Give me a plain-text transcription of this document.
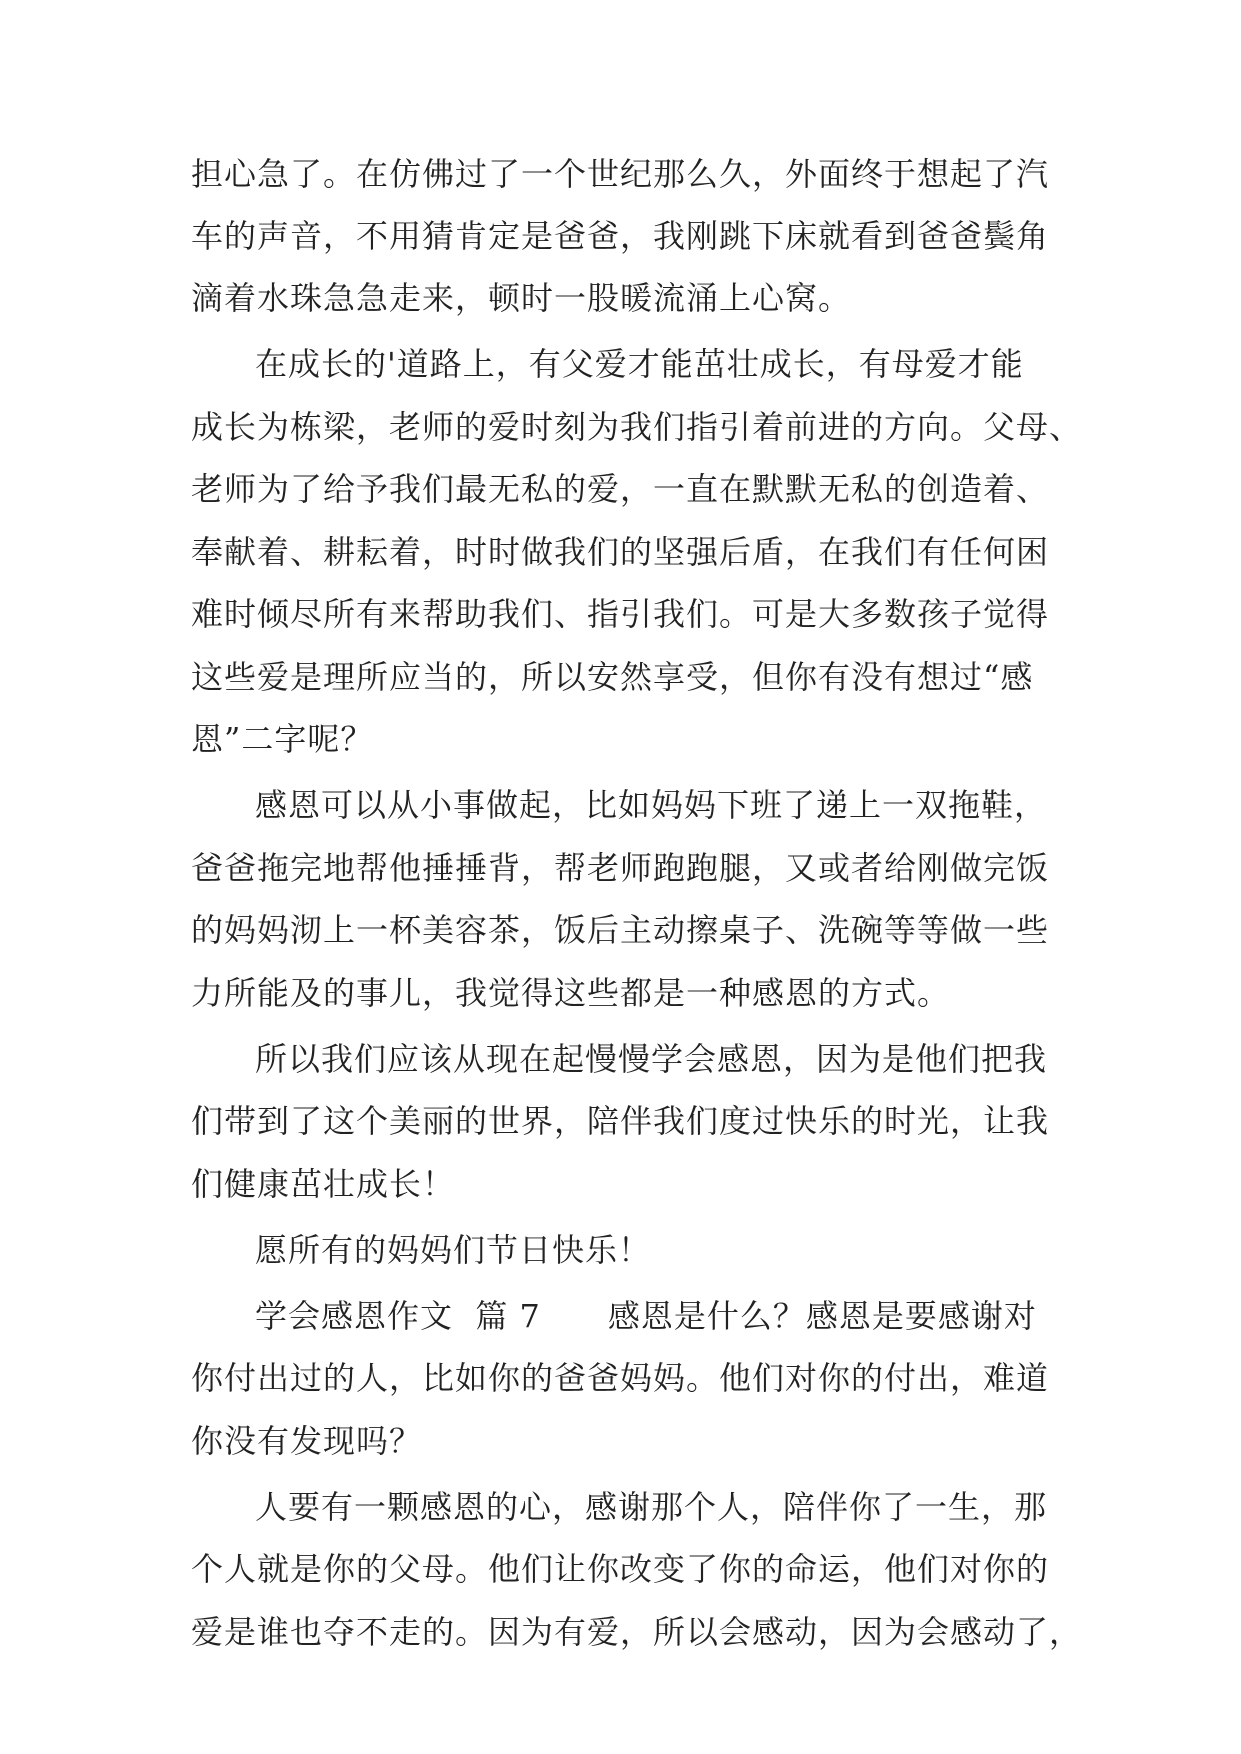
担心急了。在仿佛过了一个世纪那么久，外面终于想起了汽
车的声音，不用猜肯定是爸爸，我刚跳下床就看到爸爸鬓角
滴着水珠急急走来，顿时一股暖流涌上心窝。
在成长的'道路上，有父爱才能茁壮成长，有母爱才能
成长为栋梁，老师的爱时刻为我们指引着前进的方向。父母、
老师为了给予我们最无私的爱，一直在默默无私的创造着、
奉献着、耕耘着，时时做我们的坚强后盾，在我们有任何困
难时倾尽所有来帮助我们、指引我们。可是大多数孩子觉得
这些爱是理所应当的，所以安然享受，但你有没有想过“感
恩”二字呢？
感恩可以从小事做起，比如妈妈下班了递上一双拖鞋，
爸爸拖完地帮他捶捶背，帮老师跑跑腿，又或者给刚做完饭
的妈妈沏上一杯美容茶，饭后主动擦桌子、洗碗等等做一些
力所能及的事儿，我觉得这些都是一种感恩的方式。
所以我们应该从现在起慢慢学会感恩，因为是他们把我
们带到了这个美丽的世界，陪伴我们度过快乐的时光，让我
们健康茁壮成长！
愿所有的妈妈们节日快乐！
学会感恩作文  篇 7      感恩是什么？感恩是要感谢对
你付出过的人，比如你的爸爸妈妈。他们对你的付出，难道
你没有发现吗？
人要有一颗感恩的心，感谢那个人，陪伴你了一生，那
个人就是你的父母。他们让你改变了你的命运，他们对你的
爱是谁也夺不走的。因为有爱，所以会感动，因为会感动了，
